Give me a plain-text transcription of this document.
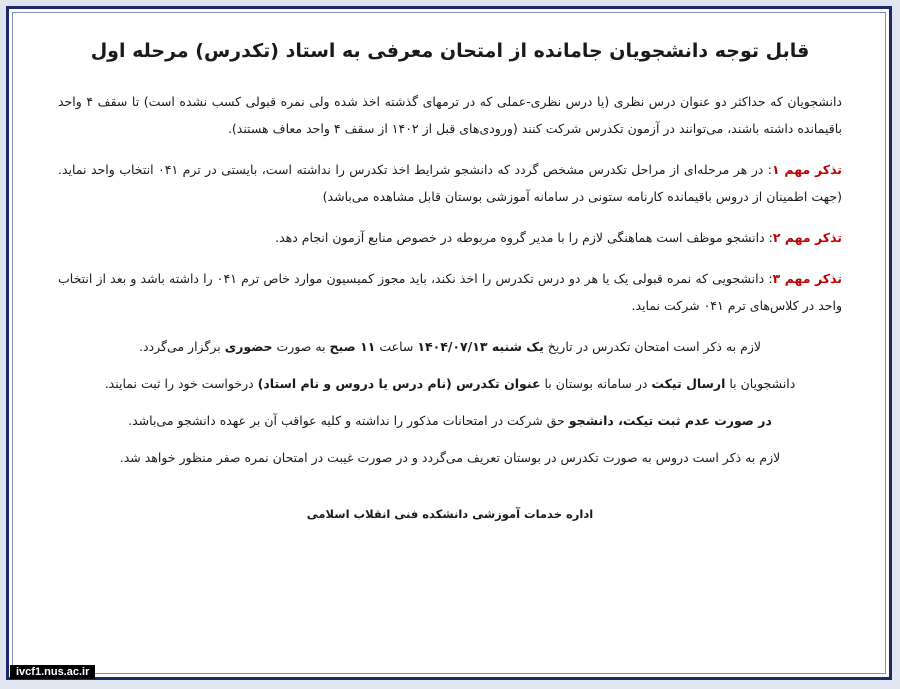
قابل توجه دانشجویان جامانده از امتحان معرفی به استاد (تکدرس) مرحله اول

دانشجویان که حداکثر دو عنوان درس نظری (یا درس نظری-عملی که در ترمهای گذشته اخذ شده ولی نمره قبولی کسب نشده است) تا سقف ۴ واحد باقیمانده داشته باشند، می‌توانند در آزمون تکدرس شرکت کنند (ورودی‌های قبل از ۱۴۰۲ از سقف ۴ واحد معاف هستند).

تذکر مهم ۱: در هر مرحله‌ای از مراحل تکدرس مشخص گردد که دانشجو شرایط اخذ تکدرس را نداشته است، بایستی در ترم ۰۴۱ انتخاب واحد نماید. (جهت اطمینان از دروس باقیمانده کارنامه ستونی در سامانه آموزشی بوستان قابل مشاهده می‌باشد)

تذکر مهم ۲: دانشجو موظف است هماهنگی لازم را با مدیر گروه مربوطه در خصوص منابع آزمون انجام دهد.

تذکر مهم ۳: دانشجویی که نمره قبولی یک یا هر دو درس تکدرس را اخذ نکند، باید مجوز کمیسیون موارد خاص ترم ۰۴۱ را داشته باشد و بعد از انتخاب واحد در کلاس‌های ترم ۰۴۱ شرکت نماید.

لازم به ذکر است امتحان تکدرس در تاریخ یک شنبه ۱۴۰۴/۰۷/۱۳ ساعت ۱۱ صبح به صورت حضوری برگزار می‌گردد.

دانشجویان با ارسال تیکت در سامانه بوستان با عنوان تکدرس (نام درس یا دروس و نام استاد) درخواست خود را ثبت نمایند.

در صورت عدم ثبت تیکت، دانشجو حق شرکت در امتحانات مذکور را نداشته و کلیه عواقب آن بر عهده دانشجو می‌باشد.

لازم به ذکر است دروس به صورت تکدرس در بوستان تعریف می‌گردد و در صورت غیبت در امتحان نمره صفر منظور خواهد شد.

اداره خدمات آموزشی دانشکده فنی انقلاب اسلامی
ivcf1.nus.ac.ir
